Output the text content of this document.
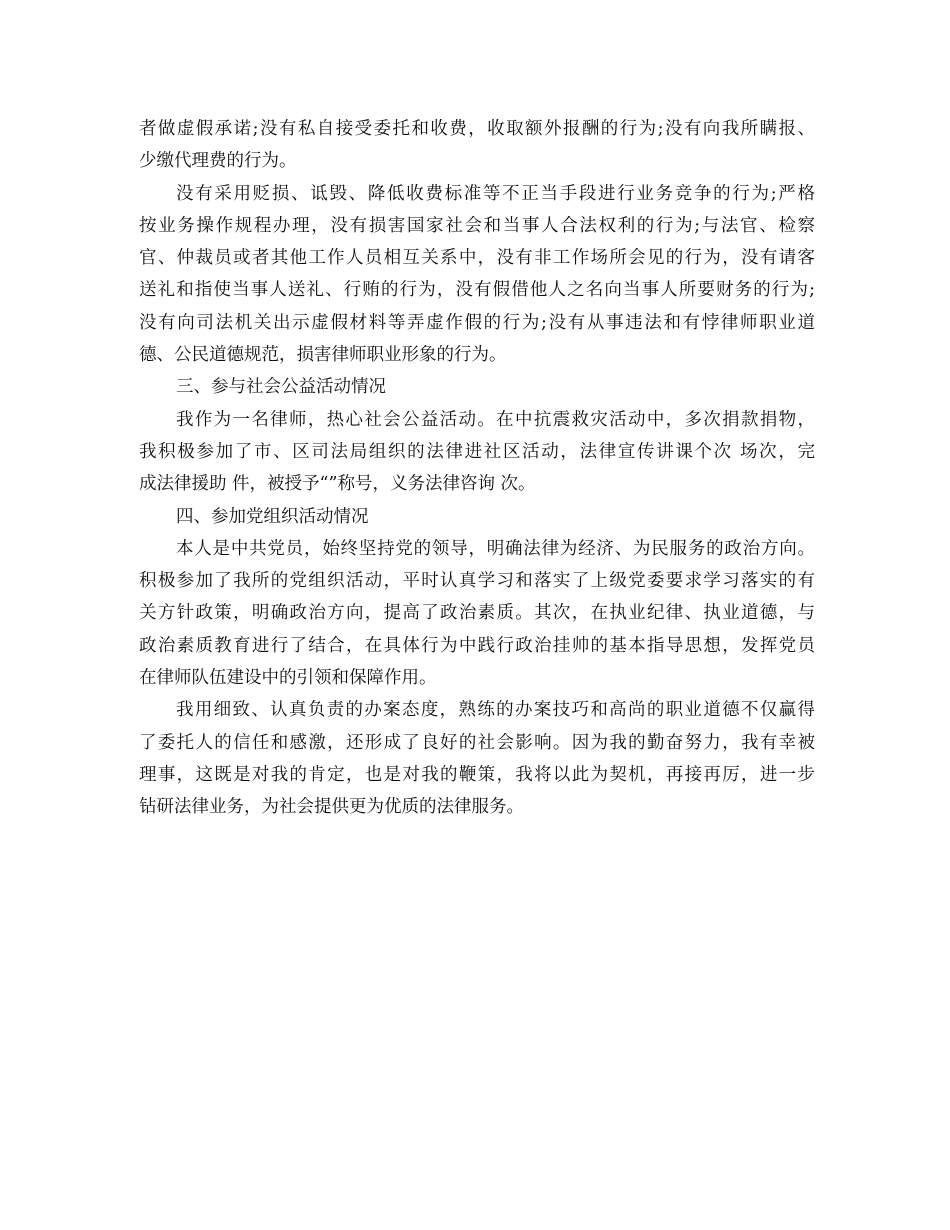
者做虚假承诺;没有私自接受委托和收费，收取额外报酬的行为;没有向我所瞒报、
少缴代理费的行为。
没有采用贬损、诋毁、降低收费标准等不正当手段进行业务竞争的行为;严格
按业务操作规程办理，没有损害国家社会和当事人合法权利的行为;与法官、检察
官、仲裁员或者其他工作人员相互关系中，没有非工作场所会见的行为，没有请客
送礼和指使当事人送礼、行贿的行为，没有假借他人之名向当事人所要财务的行为;
没有向司法机关出示虚假材料等弄虚作假的行为;没有从事违法和有悖律师职业道
德、公民道德规范，损害律师职业形象的行为。
三、参与社会公益活动情况
我作为一名律师，热心社会公益活动。在中抗震救灾活动中，多次捐款捐物，
我积极参加了市、区司法局组织的法律进社区活动，法律宣传讲课个次 场次，完
成法律援助 件，被授予“”称号，义务法律咨询 次。
四、参加党组织活动情况
本人是中共党员，始终坚持党的领导，明确法律为经济、为民服务的政治方向。
积极参加了我所的党组织活动，平时认真学习和落实了上级党委要求学习落实的有
关方针政策，明确政治方向，提高了政治素质。其次，在执业纪律、执业道德，与
政治素质教育进行了结合，在具体行为中践行政治挂帅的基本指导思想，发挥党员
在律师队伍建设中的引领和保障作用。
我用细致、认真负责的办案态度，熟练的办案技巧和高尚的职业道德不仅赢得
了委托人的信任和感激，还形成了良好的社会影响。因为我的勤奋努力，我有幸被
理事，这既是对我的肯定，也是对我的鞭策，我将以此为契机，再接再厉，进一步
钻研法律业务，为社会提供更为优质的法律服务。
